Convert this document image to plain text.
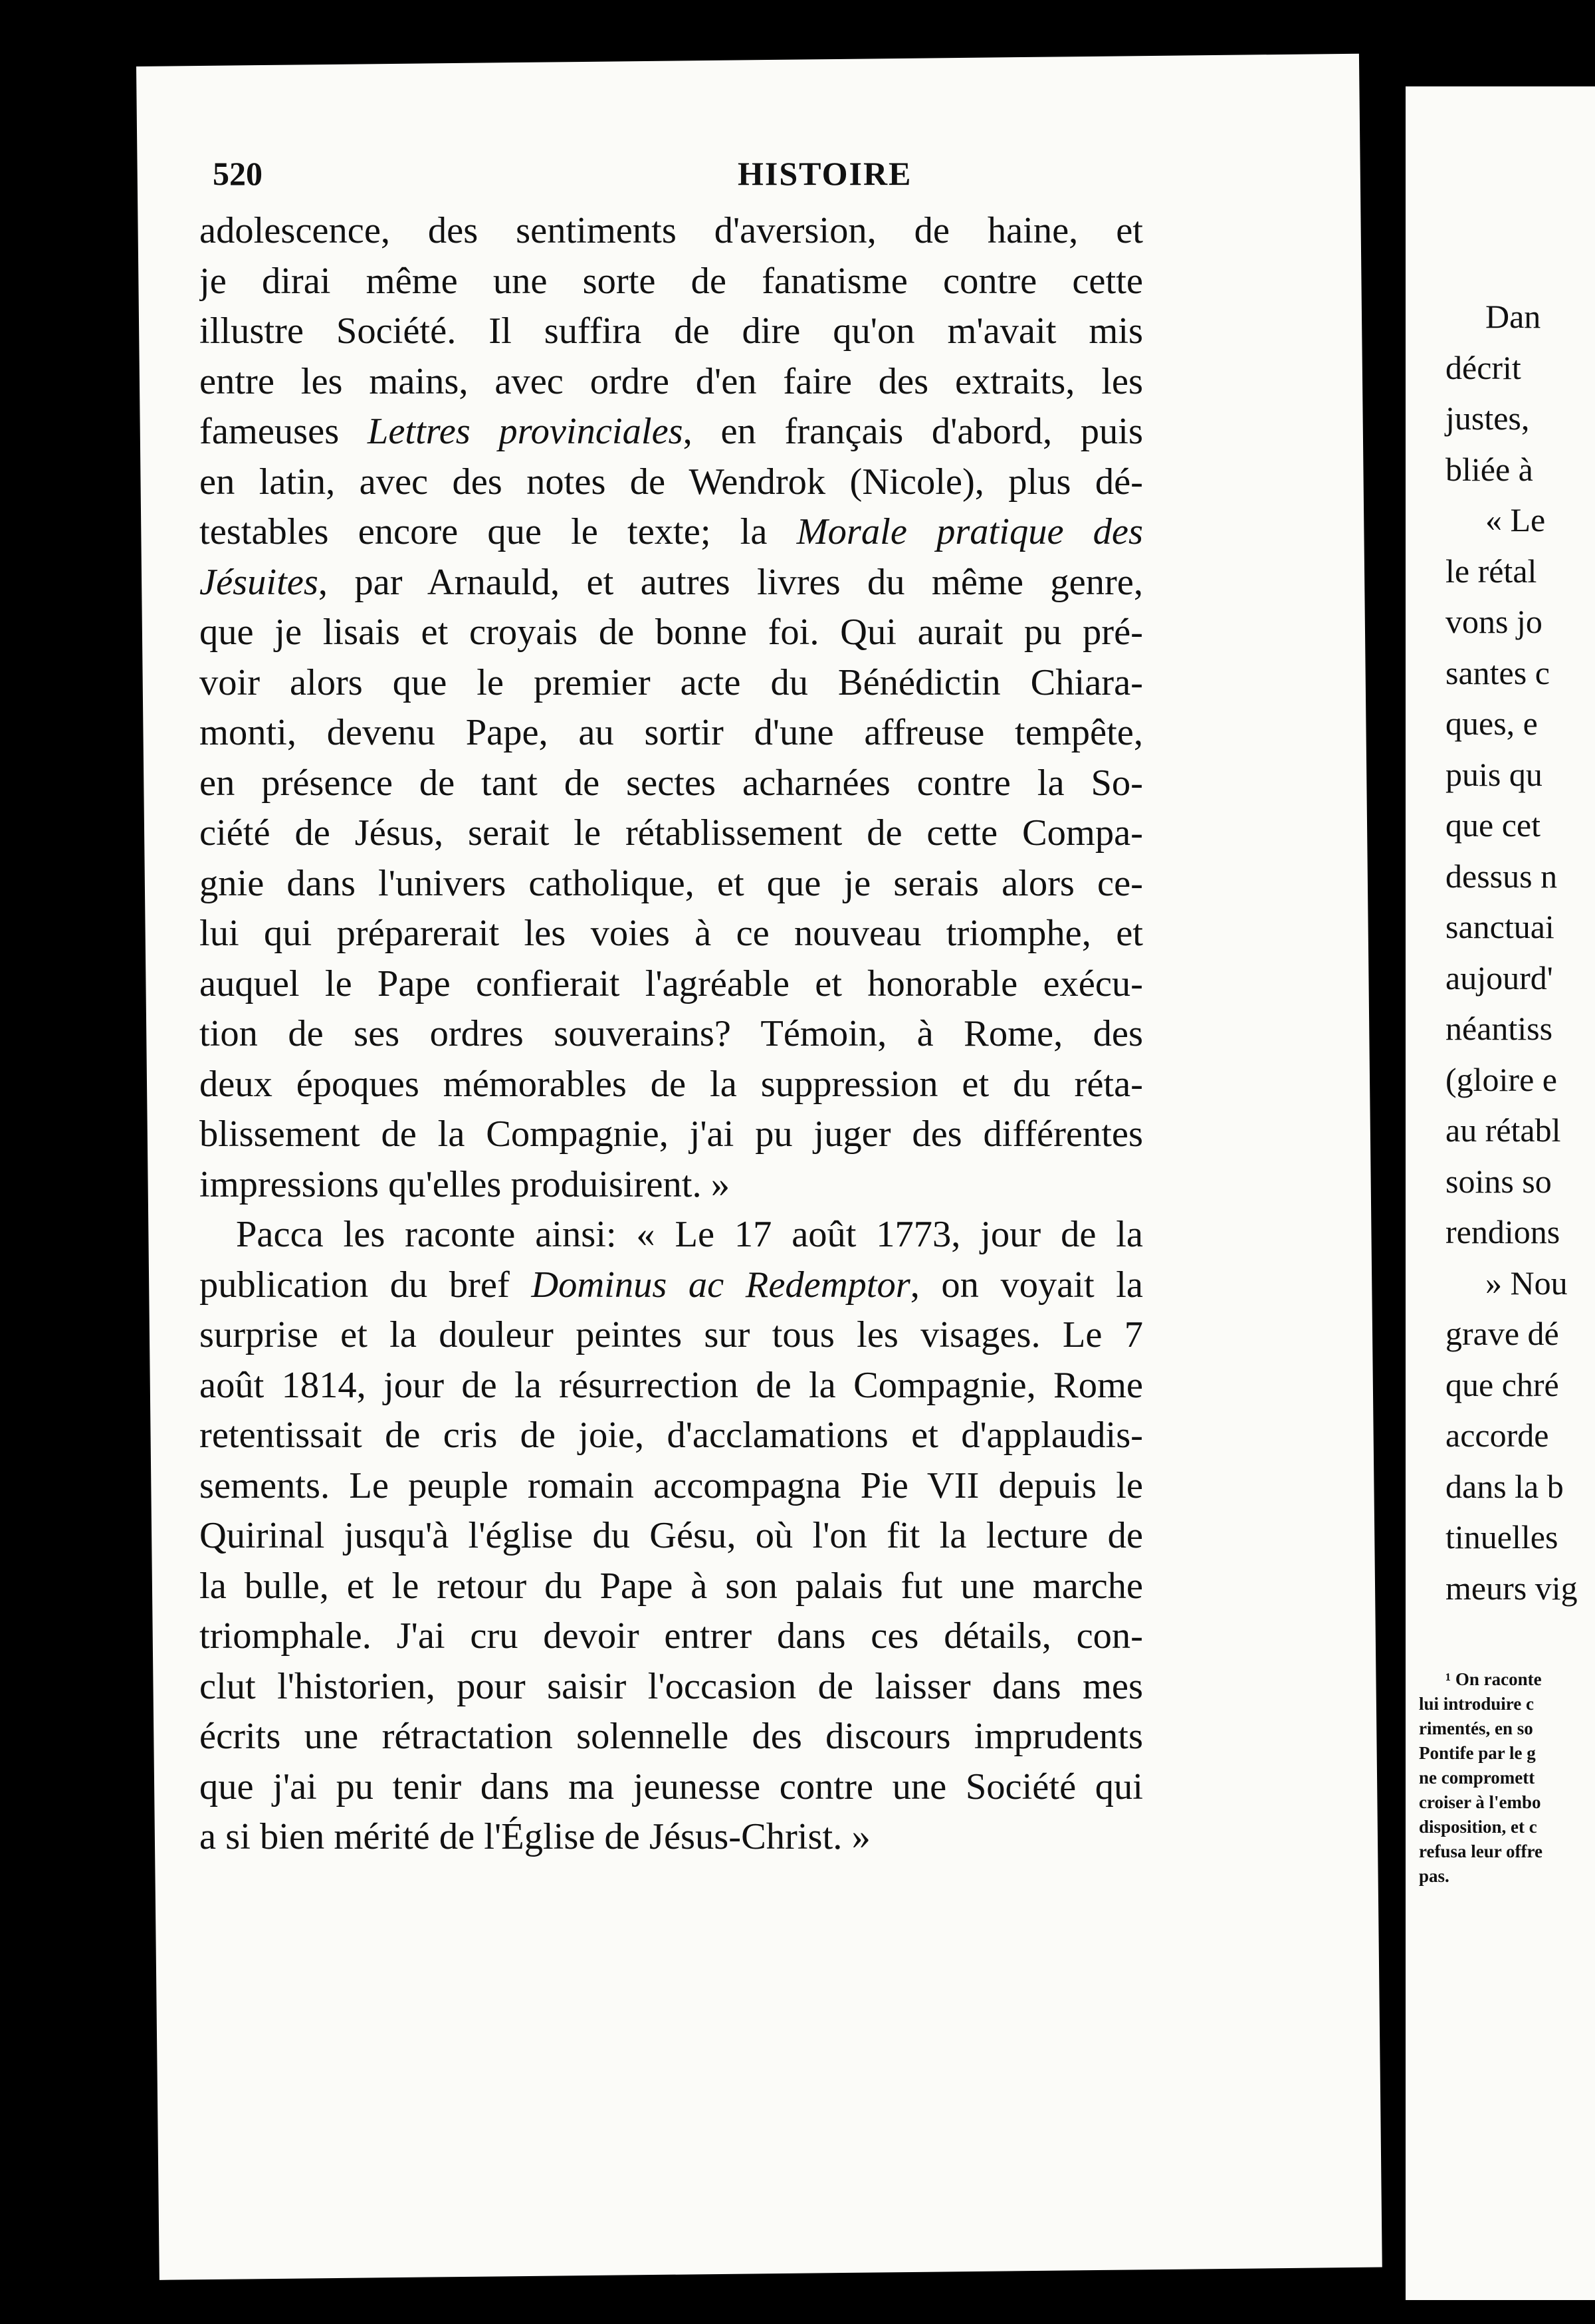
520	HISTOIRE
adolescence, des sentiments d'aversion, de haine, et
je dirai même une sorte de fanatisme contre cette
illustre Société. Il suffira de dire qu'on m'avait mis
entre les mains, avec ordre d'en faire des extraits, les
fameuses Lettres provinciales, en français d'abord, puis
en latin, avec des notes de Wendrok (Nicole), plus dé-
testables encore que le texte; la Morale pratique des
Jésuites, par Arnauld, et autres livres du même genre,
que je lisais et croyais de bonne foi. Qui aurait pu pré-
voir alors que le premier acte du Bénédictin Chiara-
monti, devenu Pape, au sortir d'une affreuse tempête,
en présence de tant de sectes acharnées contre la So-
ciété de Jésus, serait le rétablissement de cette Compa-
gnie dans l'univers catholique, et que je serais alors ce-
lui qui préparerait les voies à ce nouveau triomphe, et
auquel le Pape confierait l'agréable et honorable exécu-
tion de ses ordres souverains? Témoin, à Rome, des
deux époques mémorables de la suppression et du réta-
blissement de la Compagnie, j'ai pu juger des différentes
impressions qu'elles produisirent. »
Pacca les raconte ainsi: « Le 17 août 1773, jour de la
publication du bref Dominus ac Redemptor, on voyait la
surprise et la douleur peintes sur tous les visages. Le 7
août 1814, jour de la résurrection de la Compagnie, Rome
retentissait de cris de joie, d'acclamations et d'applaudis-
sements. Le peuple romain accompagna Pie VII depuis le
Quirinal jusqu'à l'église du Gésu, où l'on fit la lecture de
la bulle, et le retour du Pape à son palais fut une marche
triomphale. J'ai cru devoir entrer dans ces détails, con-
clut l'historien, pour saisir l'occasion de laisser dans mes
écrits une rétractation solennelle des discours imprudents
que j'ai pu tenir dans ma jeunesse contre une Société qui
a si bien mérité de l'Église de Jésus-Christ. »
Dan
décrit
justes,
bliée à
« Le
le rétal
vons jo
santes c
ques, e
puis qu
que cet
dessus n
sanctuai
aujourd'
néantiss
(gloire e
au rétabl
soins so
rendions
» Nou
grave dé
que chré
accorde
dans la b
tinuelles
meurs vig
¹ On raconte
lui introduire c
rimentés, en so
Pontife par le g
ne compromett
croiser à l'embo
disposition, et c
refusa leur offre
pas.
